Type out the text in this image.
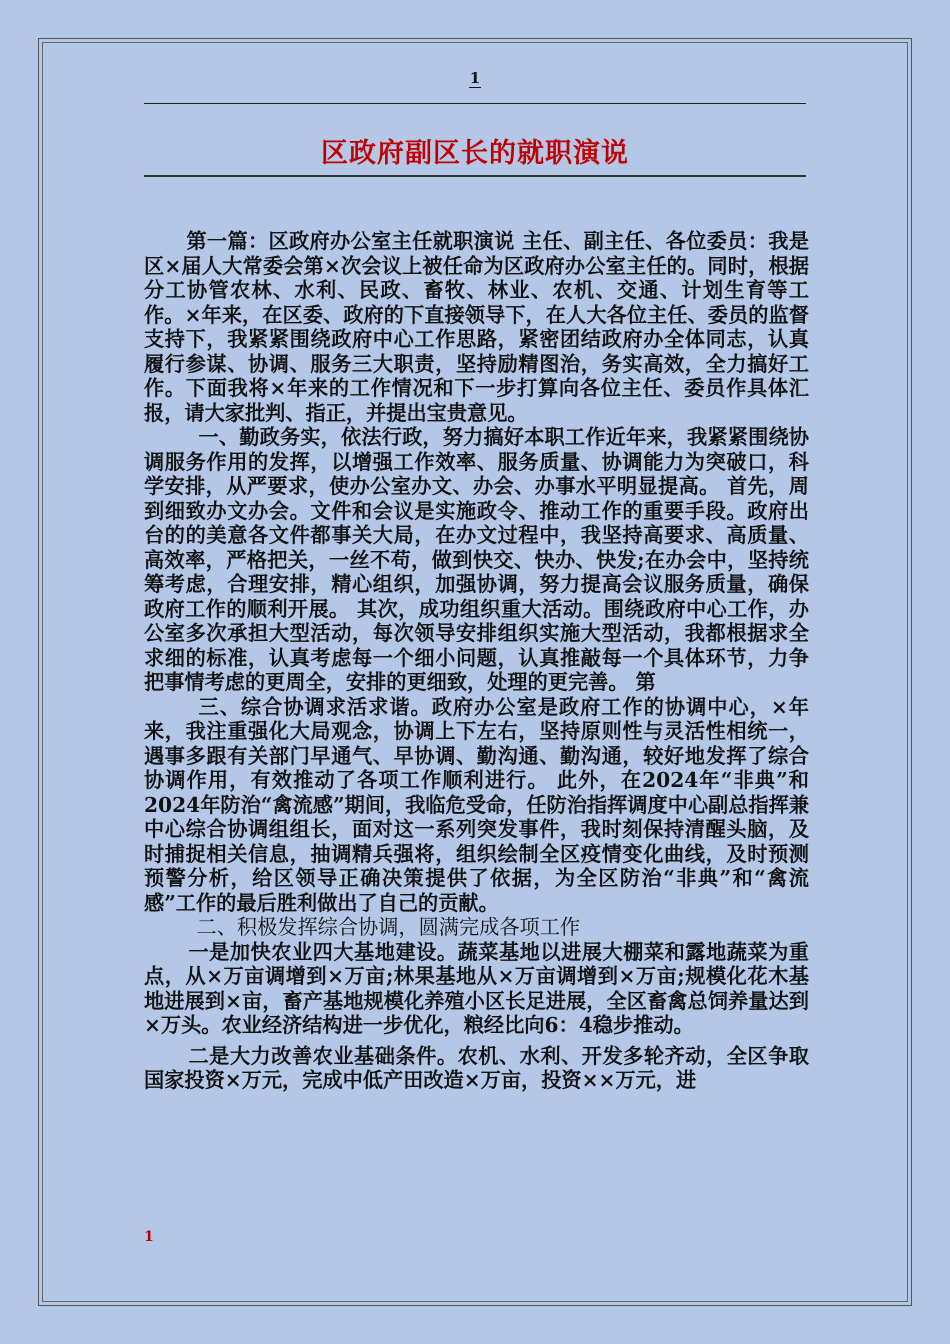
1
区政府副区长的就职演说

第一篇：区政府办公室主任就职演说 主任、副主任、各位委员：我是区×届人大常委会第×次会议上被任命为区政府办公室主任的。同时，根据分工协管农林、水利、民政、畜牧、林业、农机、交通、计划生育等工作。×年来，在区委、政府的下直接领导下，在人大各位主任、委员的监督支持下，我紧紧围绕政府中心工作思路，紧密团结政府办全体同志，认真履行参谋、协调、服务三大职责，坚持励精图治，务实高效，全力搞好工作。下面我将×年来的工作情况和下一步打算向各位主任、委员作具体汇报，请大家批判、指正，并提出宝贵意见。

一、勤政务实，依法行政，努力搞好本职工作近年来，我紧紧围绕协调服务作用的发挥，以增强工作效率、服务质量、协调能力为突破口，科学安排，从严要求，使办公室办文、办会、办事水平明显提高。 首先，周到细致办文办会。文件和会议是实施政令、推动工作的重要手段。政府出台的的美意各文件都事关大局，在办文过程中，我坚持高要求、高质量、高效率，严格把关，一丝不苟，做到快交、快办、快发;在办会中，坚持统筹考虑，合理安排，精心组织，加强协调，努力提高会议服务质量，确保政府工作的顺利开展。 其次，成功组织重大活动。围绕政府中心工作，办公室多次承担大型活动，每次领导安排组织实施大型活动，我都根据求全求细的标准，认真考虑每一个细小问题，认真推敲每一个具体环节，力争把事情考虑的更周全，安排的更细致，处理的更完善。 第

三、综合协调求活求谐。政府办公室是政府工作的协调中心，×年来，我注重强化大局观念，协调上下左右，坚持原则性与灵活性相统一，遇事多跟有关部门早通气、早协调、勤沟通、勤沟通，较好地发挥了综合协调作用，有效推动了各项工作顺利进行。 此外，在2024年“非典”和2024年防治“禽流感”期间，我临危受命，任防治指挥调度中心副总指挥兼中心综合协调组组长，面对这一系列突发事件，我时刻保持清醒头脑，及时捕捉相关信息，抽调精兵强将，组织绘制全区疫情变化曲线，及时预测预警分析，给区领导正确决策提供了依据，为全区防治“非典”和“禽流感”工作的最后胜利做出了自己的贡献。

二、积极发挥综合协调，圆满完成各项工作

一是加快农业四大基地建设。蔬菜基地以进展大棚菜和露地蔬菜为重点，从×万亩调增到×万亩;林果基地从×万亩调增到×万亩;规模化花木基地进展到×亩，畜产基地规模化养殖小区长足进展，全区畜禽总饲养量达到×万头。农业经济结构进一步优化，粮经比向6：4稳步推动。

二是大力改善农业基础条件。农机、水利、开发多轮齐动，全区争取国家投资×万元，完成中低产田改造×万亩，投资××万元，进

1
